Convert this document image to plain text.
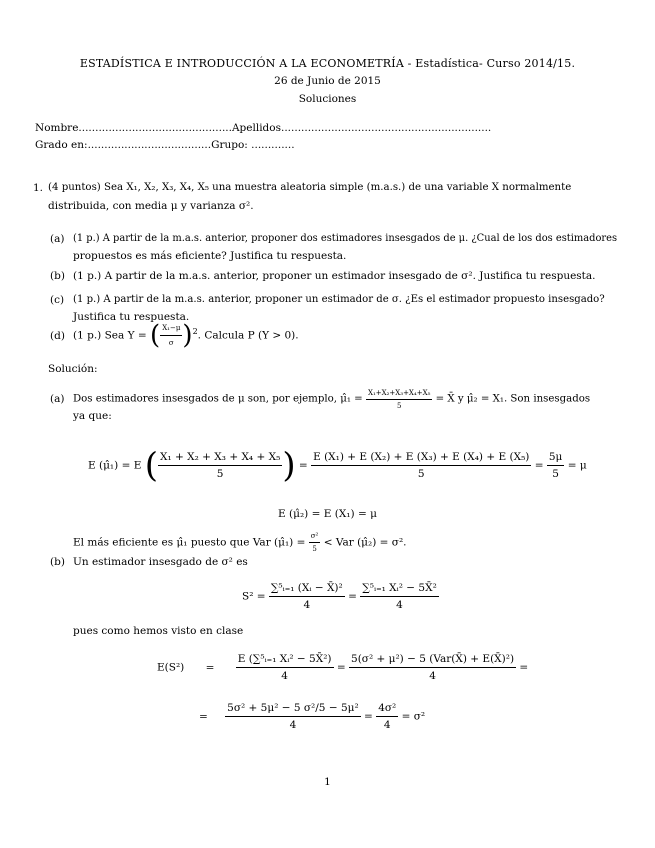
ESTADÍSTICA E INTRODUCCIÓN A LA ECONOMETRÍA - Estadística- Curso 2014/15.
26 de Junio de 2015
Soluciones
Nombre..............................................Apellidos...............................................................
Grado en:.....................................Grupo: .............
1. (4 puntos) Sea X₁, X₂, X₃, X₄, X₅ una muestra aleatoria simple (m.a.s.) de una variable X normalmente
distribuida, con media μ y varianza σ².
(a) (1 p.) A partir de la m.a.s. anterior, proponer dos estimadores insesgados de μ. ¿Cual de los dos estimadores
propuestos es más eficiente? Justifica tu respuesta.
(b) (1 p.) A partir de la m.a.s. anterior, proponer un estimador insesgado de σ². Justifica tu respuesta.
(c) (1 p.) A partir de la m.a.s. anterior, proponer un estimador de σ. ¿Es el estimador propuesto insesgado?
Justifica tu respuesta.
(d) (1 p.) Sea Y = ( $\frac{\text{X₁−μ}}{\sigma} )^2$. Calcula P (Y > 0).
Solución:
(a) Dos estimadores insesgados de μ son, por ejemplo, μ̂₁ = $\frac{\text{X₁+X₂+X₃+X₄+X₅}}{5}$ = X̄ y μ̂₂ = X₁. Son insesgados
ya que:
E (μ̂₁) = E ( $\frac{\text{X₁ + X₂ + X₃ + X₄ + X₅}}{5}$ ) = $\frac{\text{E (X₁) + E (X₂) + E (X₃) + E (X₄) + E (X₅)}}{5} = \frac{5\mu}{5} = \mu$
E (μ̂₂) = E (X₁) = μ
El más eficiente es μ̂₁ puesto que Var (μ̂₁) = $\frac{\text{σ²}}{5}$ < Var (μ̂₂) = σ².
(b) Un estimador insesgado de σ² es
$S^2 = \frac{\text{∑⁵ᵢ₌₁ (Xᵢ − X̄)²}}{4} = \frac{\text{∑⁵ᵢ₌₁ Xᵢ² − 5X̄²}}{4}$
pues como hemos visto en clase
$E(S^2) = \frac{\text{E (∑⁵ᵢ₌₁ Xᵢ² − 5X̄²)}}{4} = \frac{\text{5(σ² + μ²) − 5 (Var(X̄) + E(X̄)²)}}{4}$ =
= $\frac{\text{5σ² + 5μ² − 5 σ²/5 − 5μ²}}{4} = \frac{\text{4σ²}}{4} = \sigma^2$
1
